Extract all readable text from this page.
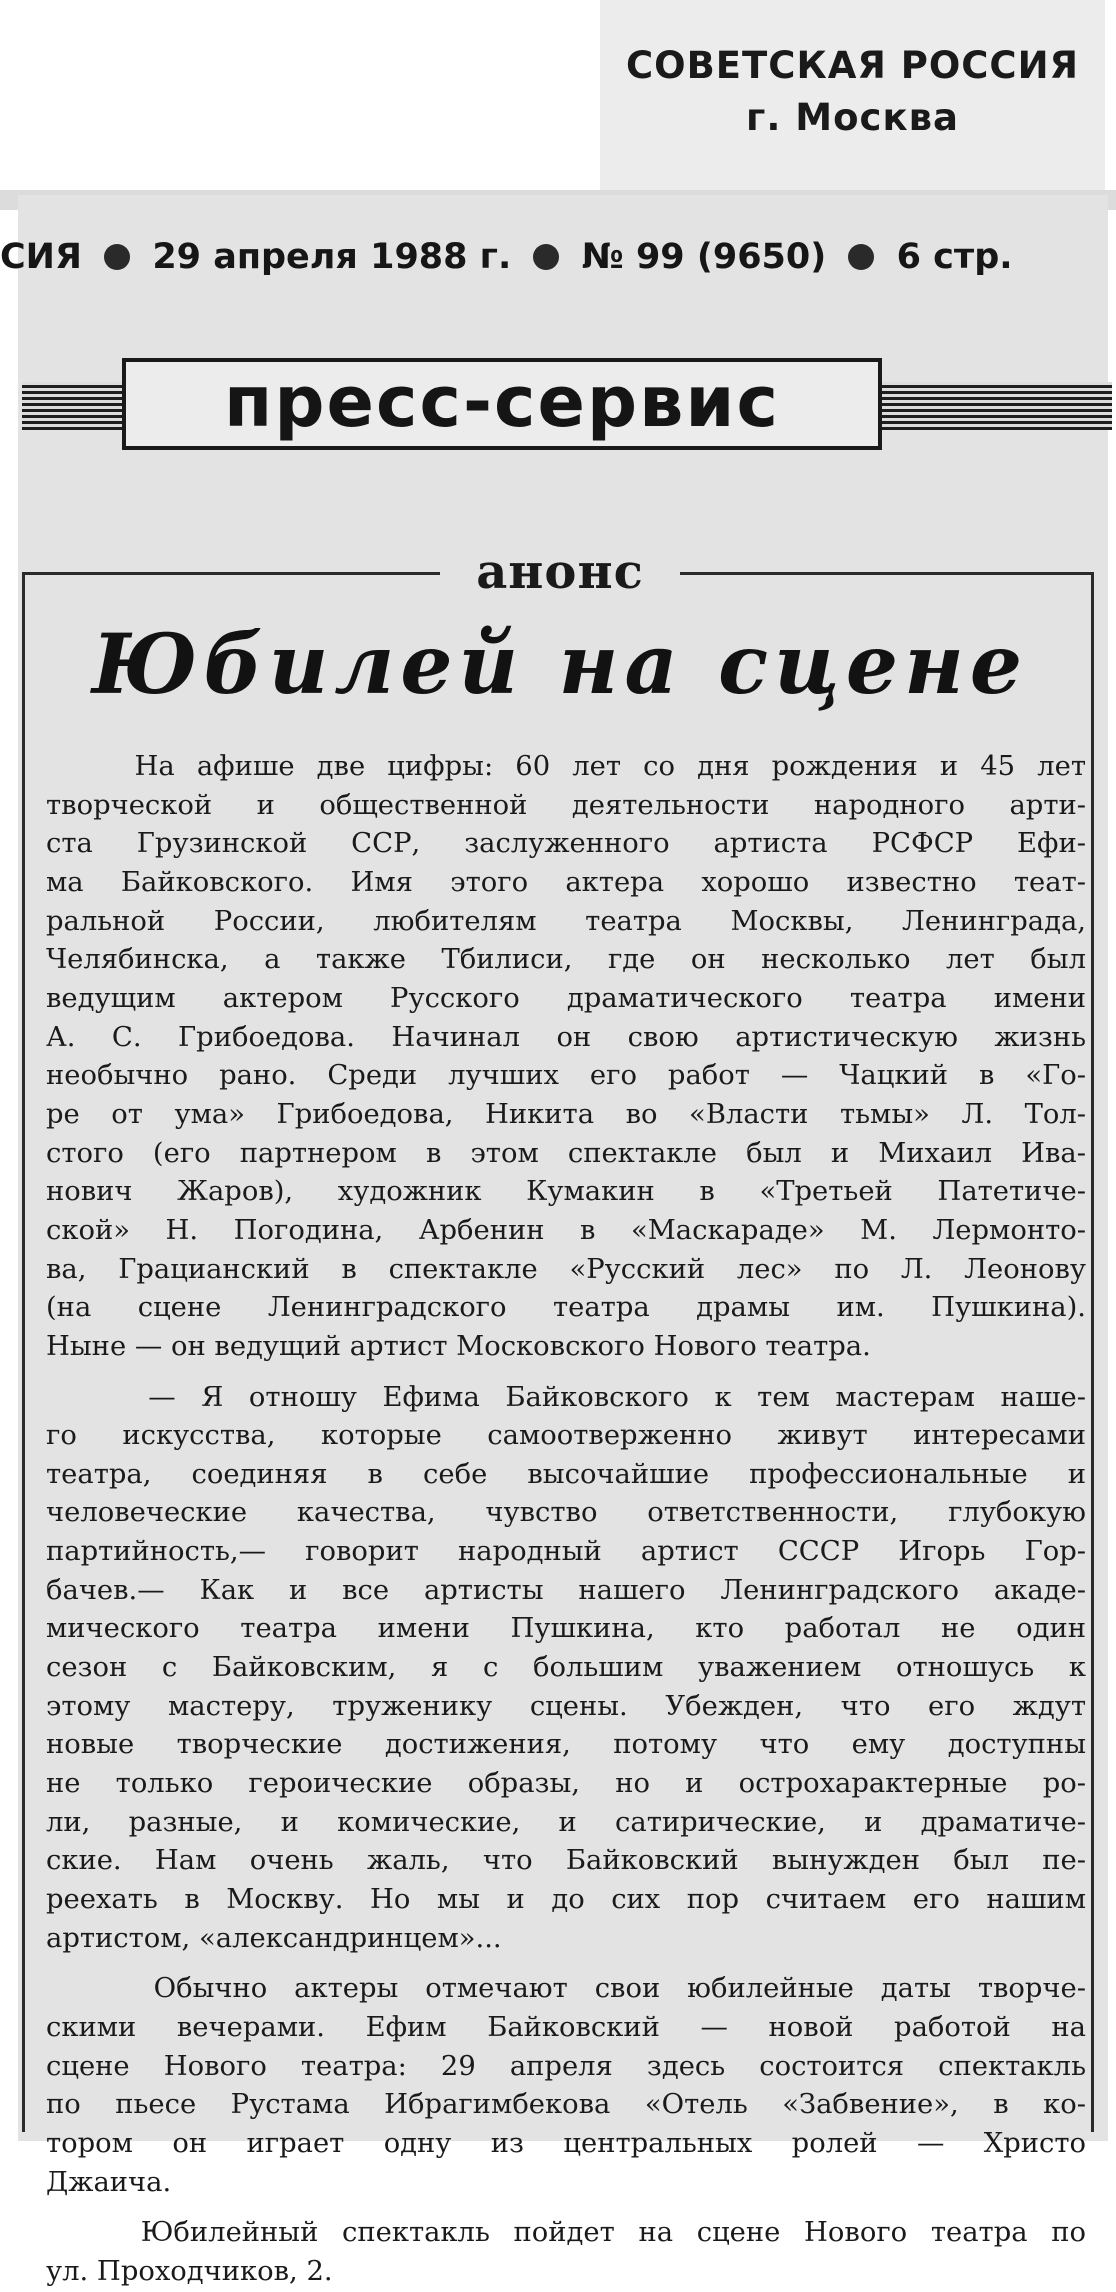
СОВЕТСКАЯ РОССИЯ
г. Москва
СИЯ 29 апреля 1988 г. № 99 (9650) 6 стр.
пресс-сервис
анонс
Юбилей на сцене
На афише две цифры: 60 лет со дня рождения и 45 лет
творческой и общественной деятельности народного арти-
ста Грузинской ССР, заслуженного артиста РСФСР Ефи-
ма Байковского. Имя этого актера хорошо известно теат-
ральной России, любителям театра Москвы, Ленинграда,
Челябинска, а также Тбилиси, где он несколько лет был
ведущим актером Русского драматического театра имени
А. С. Грибоедова. Начинал он свою артистическую жизнь
необычно рано. Среди лучших его работ — Чацкий в «Го-
ре от ума» Грибоедова, Никита во «Власти тьмы» Л. Тол-
стого (его партнером в этом спектакле был и Михаил Ива-
нович Жаров), художник Кумакин в «Третьей Патетиче-
ской» Н. Погодина, Арбенин в «Маскараде» М. Лермонто-
ва, Грацианский в спектакле «Русский лес» по Л. Леонову
(на сцене Ленинградского театра драмы им. Пушкина).
Ныне — он ведущий артист Московского Нового театра.
— Я отношу Ефима Байковского к тем мастерам наше-
го искусства, которые самоотверженно живут интересами
театра, соединяя в себе высочайшие профессиональные и
человеческие качества, чувство ответственности, глубокую
партийность,— говорит народный артист СССР Игорь Гор-
бачев.— Как и все артисты нашего Ленинградского акаде-
мического театра имени Пушкина, кто работал не один
сезон с Байковским, я с большим уважением отношусь к
этому мастеру, труженику сцены. Убежден, что его ждут
новые творческие достижения, потому что ему доступны
не только героические образы, но и острохарактерные ро-
ли, разные, и комические, и сатирические, и драматиче-
ские. Нам очень жаль, что Байковский вынужден был пе-
реехать в Москву. Но мы и до сих пор считаем его нашим
артистом, «александринцем»...
Обычно актеры отмечают свои юбилейные даты творче-
скими вечерами. Ефим Байковский — новой работой на
сцене Нового театра: 29 апреля здесь состоится спектакль
по пьесе Рустама Ибрагимбекова «Отель «Забвение», в ко-
тором он играет одну из центральных ролей — Христо
Джаича.
Юбилейный спектакль пойдет на сцене Нового театра по
ул. Проходчиков, 2.
